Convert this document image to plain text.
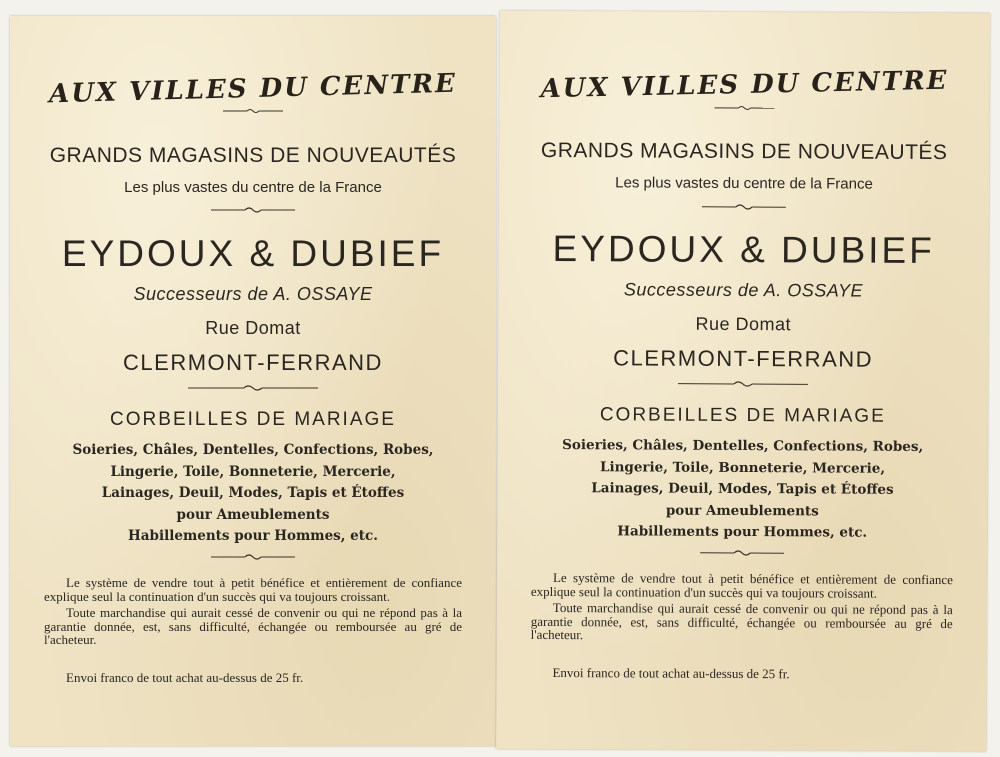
AUX VILLES DU CENTRE
GRANDS MAGASINS DE NOUVEAUTÉS
Les plus vastes du centre de la France
EYDOUX & DUBIEF
Successeurs de A. OSSAYE
Rue Domat
CLERMONT-FERRAND
CORBEILLES DE MARIAGE
Soieries, Châles, Dentelles, Confections, Robes,
Lingerie, Toile, Bonneterie, Mercerie,
Lainages, Deuil, Modes, Tapis et Étoffes
pour Ameublements
Habillements pour Hommes, etc.

Le système de vendre tout à petit bénéfice et entièrement de confiance explique seul la continuation d'un succès qui va toujours croissant.

Toute marchandise qui aurait cessé de convenir ou qui ne répond pas à la garantie donnée, est, sans difficulté, échangée ou remboursée au gré de l'acheteur.

Envoi franco de tout achat au-dessus de 25 fr.
AUX VILLES DU CENTRE
GRANDS MAGASINS DE NOUVEAUTÉS
Les plus vastes du centre de la France
EYDOUX & DUBIEF
Successeurs de A. OSSAYE
Rue Domat
CLERMONT-FERRAND
CORBEILLES DE MARIAGE
Soieries, Châles, Dentelles, Confections, Robes,
Lingerie, Toile, Bonneterie, Mercerie,
Lainages, Deuil, Modes, Tapis et Étoffes
pour Ameublements
Habillements pour Hommes, etc.

Le système de vendre tout à petit bénéfice et entièrement de confiance explique seul la continuation d'un succès qui va toujours croissant.

Toute marchandise qui aurait cessé de convenir ou qui ne répond pas à la garantie donnée, est, sans difficulté, échangée ou remboursée au gré de l'acheteur.

Envoi franco de tout achat au-dessus de 25 fr.
